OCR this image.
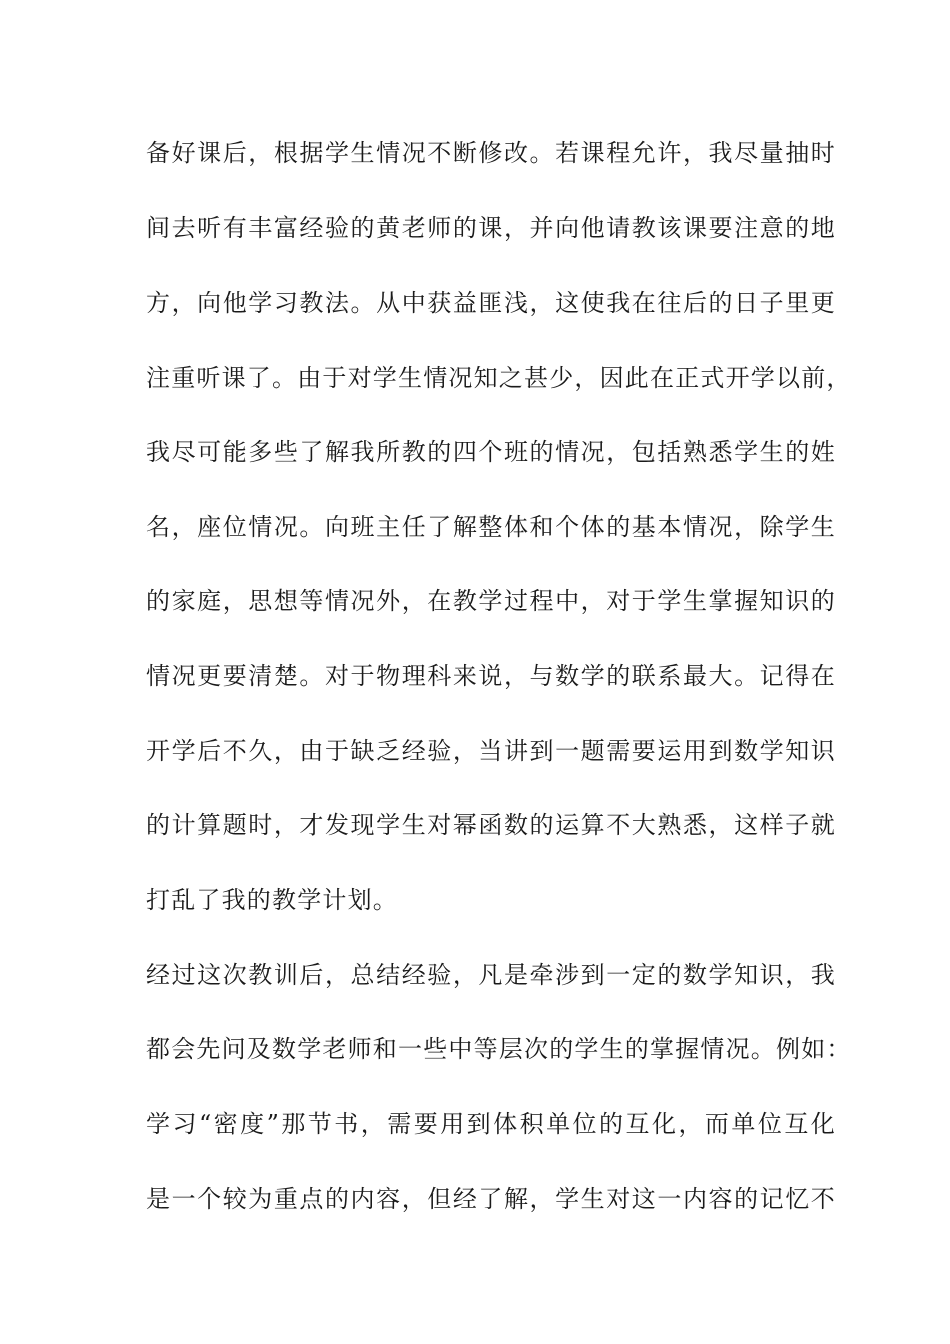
备好课后，根据学生情况不断修改。若课程允许，我尽量抽时
间去听有丰富经验的黄老师的课，并向他请教该课要注意的地
方，向他学习教法。从中获益匪浅，这使我在往后的日子里更
注重听课了。由于对学生情况知之甚少，因此在正式开学以前，
我尽可能多些了解我所教的四个班的情况，包括熟悉学生的姓
名，座位情况。向班主任了解整体和个体的基本情况，除学生
的家庭，思想等情况外，在教学过程中，对于学生掌握知识的
情况更要清楚。对于物理科来说，与数学的联系最大。记得在
开学后不久，由于缺乏经验，当讲到一题需要运用到数学知识
的计算题时，才发现学生对幂函数的运算不大熟悉，这样子就
打乱了我的教学计划。
经过这次教训后，总结经验，凡是牵涉到一定的数学知识，我
都会先问及数学老师和一些中等层次的学生的掌握情况。例如：
学习“密度”那节书，需要用到体积单位的互化，而单位互化
是一个较为重点的内容，但经了解，学生对这一内容的记忆不
